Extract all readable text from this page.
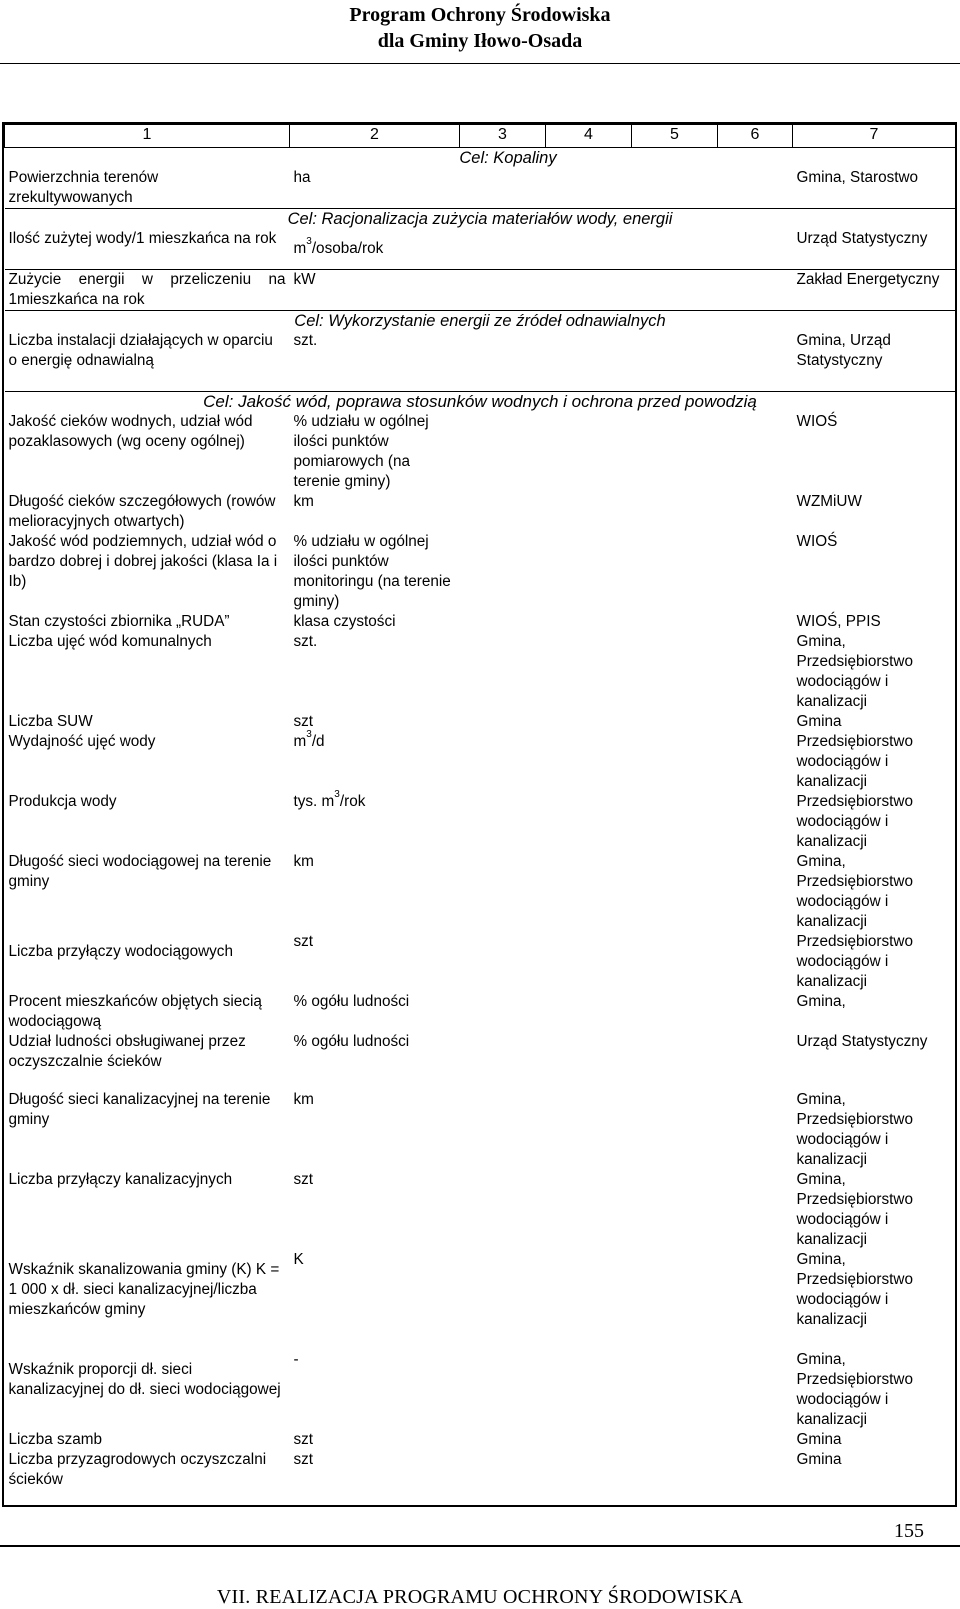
Program Ochrony Środowiska
dla Gminy Iłowo-Osada
1	2	3	4	5	6	7
Cel: Kopaliny						
Powierzchnia terenów zrekultywowanych	ha					Gmina, Starostwo
Cel: Racjonalizacja zużycia materiałów wody, energii						
Ilość zużytej wody/1 mieszkańca na rok	$m^3/osoba$/rok					Urząd Statystyczny
Zużycie energii w przeliczeniu na 1mieszkańca na rok	kW					Zakład Energetyczny
Cel: Wykorzystanie energii ze źródeł odnawialnych						
Liczba instalacji działających w oparciu o energię odnawialną	szt.					Gmina, Urząd Statystyczny
Cel: Jakość wód, poprawa stosunków wodnych i ochrona przed powodzią						
Jakość cieków wodnych, udział wód pozaklasowych (wg oceny ogólnej)	% udziału w ogólnej ilości punktów pomiarowych (na terenie gminy)					WIOŚ
Długość cieków szczegółowych (rowów melioracyjnych otwartych)	km					WZMiUW
Jakość wód podziemnych, udział wód o bardzo dobrej i dobrej jakości (klasa Ia i Ib)	% udziału w ogólnej ilości punktów monitoringu (na terenie gminy)					WIOŚ
Stan czystości zbiornika „RUDA”	klasa czystości					WIOŚ, PPIS
Liczba ujęć wód komunalnych	szt.					Gmina, Przedsiębiorstwo wodociągów i kanalizacji
Liczba SUW	szt					Gmina
Wydajność ujęć wody	$m^3/d$					Przedsiębiorstwo wodociągów i kanalizacji
Produkcja wody	tys. $m^3$/rok					Przedsiębiorstwo wodociągów i kanalizacji
Długość sieci wodociągowej na terenie gminy	km					Gmina, Przedsiębiorstwo wodociągów i kanalizacji
Liczba przyłączy wodociągowych	szt					Przedsiębiorstwo wodociągów i kanalizacji
Procent mieszkańców objętych siecią wodociągową	% ogółu ludności					Gmina,
Udział ludności obsługiwanej przez oczyszczalnie ścieków	% ogółu ludności					Urząd Statystyczny
Długość sieci kanalizacyjnej na terenie gminy	km					Gmina, Przedsiębiorstwo wodociągów i kanalizacji
Liczba przyłączy kanalizacyjnych	szt					Gmina, Przedsiębiorstwo wodociągów i kanalizacji

Wskaźnik skanalizowania gminy (K) K = 1 000 x dł. sieci kanalizacyjnej/liczba mieszkańców gminy	K					Gmina, Przedsiębiorstwo wodociągów i kanalizacji

Wskaźnik proporcji dł. sieci kanalizacyjnej do dł. sieci wodociągowej	-					Gmina, Przedsiębiorstwo wodociągów i kanalizacji
Liczba szamb	szt					Gmina
Liczba przyzagrodowych oczyszczalni ścieków	szt					Gmina
155
VII. REALIZACJA PROGRAMU OCHRONY ŚRODOWISKA
